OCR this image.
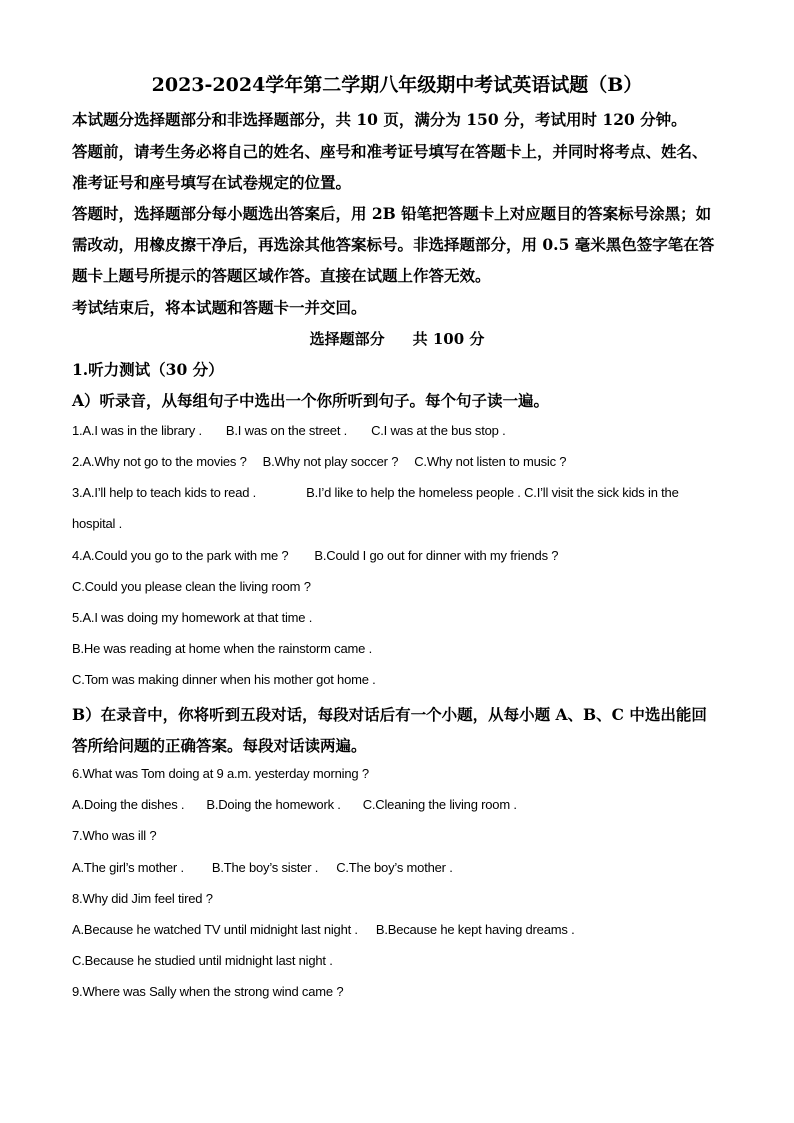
2023-2024学年第二学期八年级期中考试英语试题（B）
本试题分选择题部分和非选择题部分，共 10 页，满分为 150 分，考试用时 120 分钟。
答题前，请考生务必将自己的姓名、座号和准考证号填写在答题卡上，并同时将考点、姓名、
准考证号和座号填写在试卷规定的位置。
答题时，选择题部分每小题选出答案后，用 2B 铅笔把答题卡上对应题目的答案标号涂黑；如
需改动，用橡皮擦干净后，再选涂其他答案标号。非选择题部分，用 0.5 毫米黑色签字笔在答
题卡上题号所提示的答题区域作答。直接在试题上作答无效。
考试结束后，将本试题和答题卡一并交回。
选择题部分 共 100 分
1.听力测试（30 分）
A）听录音，从每组句子中选出一个你所听到句子。每个句子读一遍。
1.A.I was in the library . B.I was on the street . C.I was at the bus stop .
2.A.Why not go to the movies ? B.Why not play soccer ? C.Why not listen to music ?
3.A.I’ll help to teach kids to read .	B.I’d like to help the homeless people . C.I’ll visit the sick kids in the
hospital .
4.A.Could you go to the park with me ? B.Could I go out for dinner with my friends ?
C.Could you please clean the living room ?
5.A.I was doing my homework at that time .
B.He was reading at home when the rainstorm came .
C.Tom was making dinner when his mother got home .
B）在录音中，你将听到五段对话，每段对话后有一个小题，从每小题 A、B、C 中选出能回
答所给问题的正确答案。每段对话读两遍。
6.What was Tom doing at 9 a.m. yesterday morning ?
A.Doing the dishes . B.Doing the homework . C.Cleaning the living room .
7.Who was ill ?
A.The girl’s mother . B.The boy’s sister . C.The boy’s mother .
8.Why did Jim feel tired ?
A.Because he watched TV until midnight last night . B.Because he kept having dreams .
C.Because he studied until midnight last night .
9.Where was Sally when the strong wind came ?
